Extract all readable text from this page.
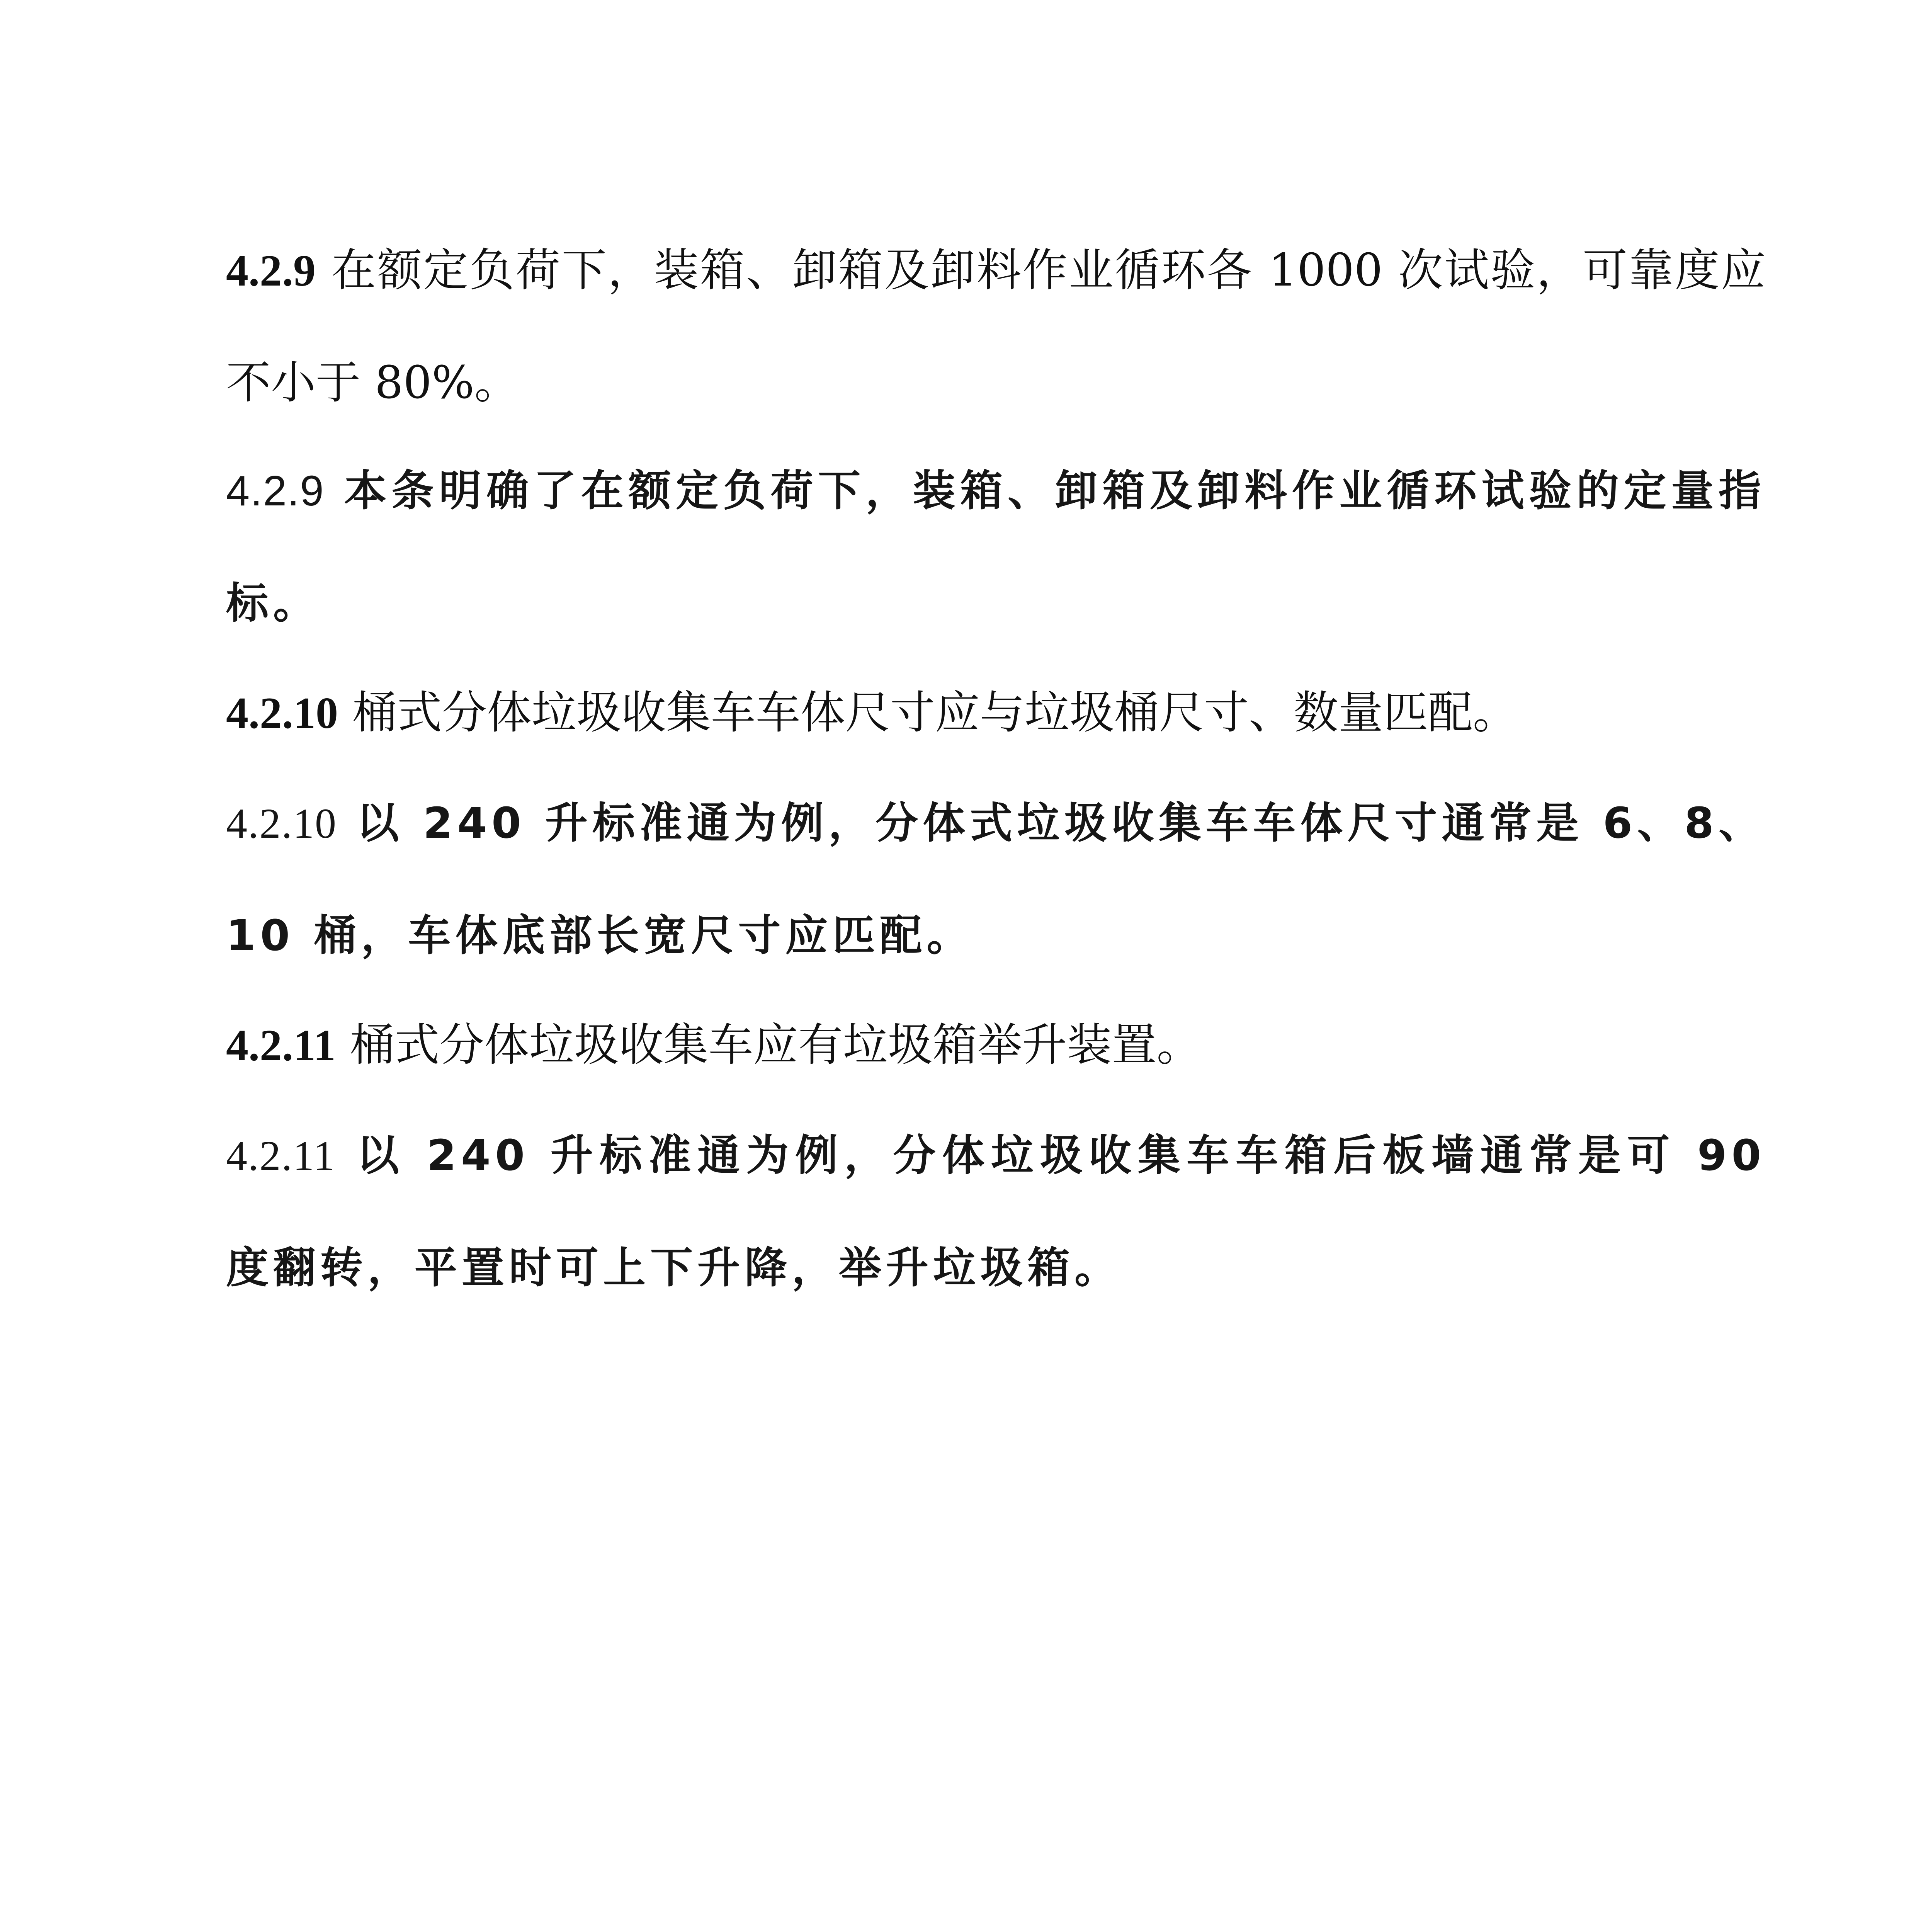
4.2.9 在额定负荷下，装箱、卸箱及卸料作业循环各 1000 次试验，可靠度应不小于 80%。

4.2.9 本条明确了在额定负荷下，装箱、卸箱及卸料作业循环试验的定量指标。

4.2.10 桶式分体垃圾收集车车体尺寸应与垃圾桶尺寸、数量匹配。

4.2.10 以 240 升标准通为例，分体式垃圾收集车车体尺寸通常是 6、8、10 桶，车体底部长宽尺寸应匹配。

4.2.11 桶式分体垃圾收集车应有垃圾箱举升装置。

4.2.11 以 240 升标准通为例，分体垃圾收集车车箱后板墙通常是可 90 度翻转，平置时可上下升降，举升垃圾箱。
